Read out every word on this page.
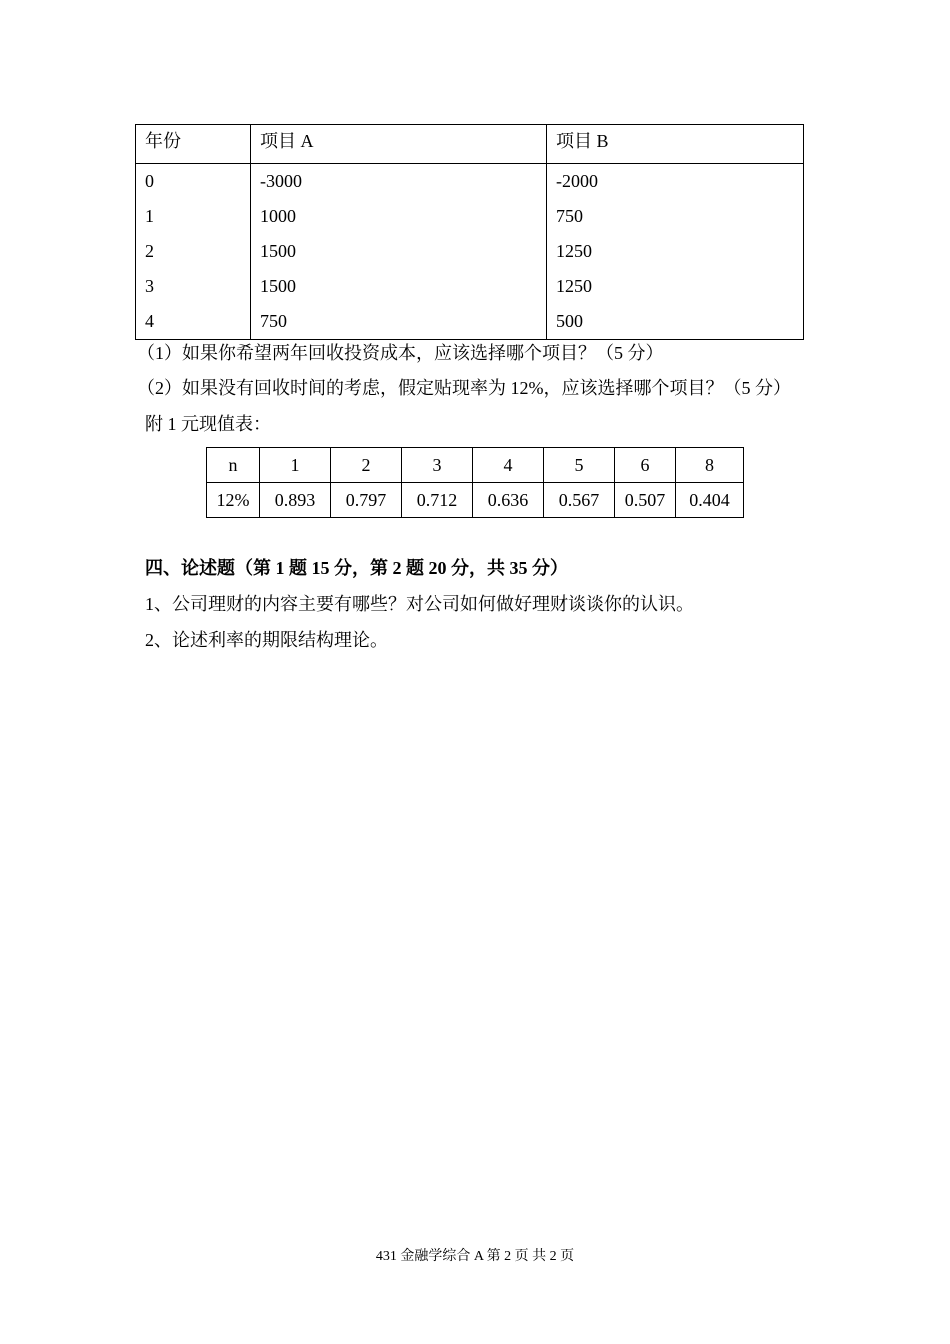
年份	项目 A	项目 B
0	-3000	-2000
1	1000	750
2	1500	1250
3	1500	1250
4	750	500
（1）如果你希望两年回收投资成本，应该选择哪个项目？（5 分）
（2）如果没有回收时间的考虑，假定贴现率为 12%，应该选择哪个项目？（5 分）
附 1 元现值表：
n	1	2	3	4	5	6	8
12%	0.893	0.797	0.712	0.636	0.567	0.507	0.404
四、论述题（第 1 题 15 分，第 2 题 20 分，共 35 分）
1、公司理财的内容主要有哪些？对公司如何做好理财谈谈你的认识。
2、论述利率的期限结构理论。
431 金融学综合 A 第 2 页 共 2 页
